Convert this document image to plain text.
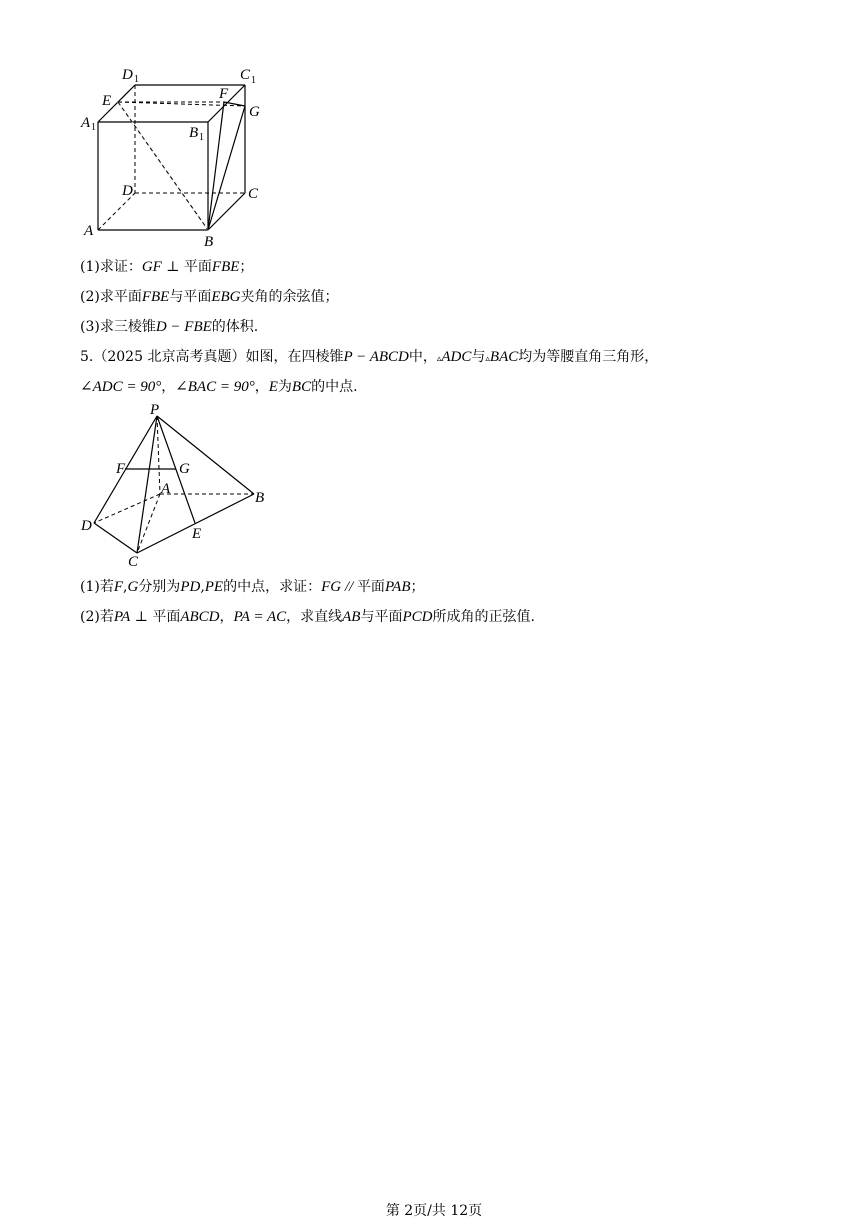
D 1	C 1
E	F
G
A 1	B 1
D	C
A
B
(1)求证：GF ⊥ 平面FBE；
(2)求平面FBE与平面EBG夹角的余弦值；
(3)求三棱锥D − FBE的体积.
5.（2025 北京高考真题）如图，在四棱锥P − ABCD中，▵ADC与▵BAC均为等腰直角三角形，
∠ADC = 90°，∠BAC = 90°，E为BC的中点.
P
F	G
A
B
D	E
C
(1)若F,G分别为PD,PE的中点，求证：FG // 平面PAB；
(2)若PA ⊥ 平面ABCD，PA = AC，求直线AB与平面PCD所成角的正弦值.
第 2页/共 12页
